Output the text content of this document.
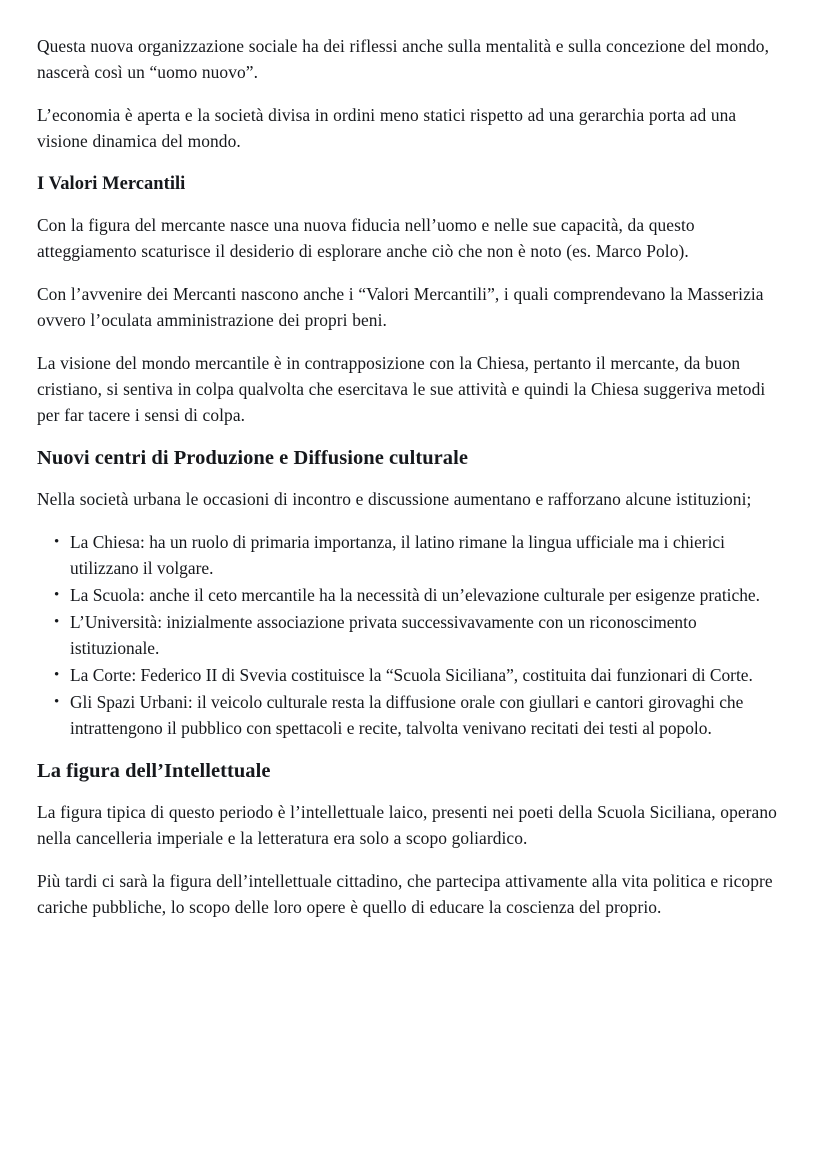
Questa nuova organizzazione sociale ha dei riflessi anche sulla mentalità e sulla concezione del mondo, nascerà così un “uomo nuovo”.

L’economia è aperta e la società divisa in ordini meno statici rispetto ad una gerarchia porta ad una visione dinamica del mondo.

I Valori Mercantili

Con la figura del mercante nasce una nuova fiducia nell’uomo e nelle sue capacità, da questo atteggiamento scaturisce il desiderio di esplorare anche ciò che non è noto (es. Marco Polo).

Con l’avvenire dei Mercanti nascono anche i “Valori Mercantili”, i quali comprendevano la Masserizia ovvero l’oculata amministrazione dei propri beni.

La visione del mondo mercantile è in contrapposizione con la Chiesa, pertanto il mercante, da buon cristiano, si sentiva in colpa qualvolta che esercitava le sue attività e quindi la Chiesa suggeriva metodi per far tacere i sensi di colpa.

Nuovi centri di Produzione e Diffusione culturale

Nella società urbana le occasioni di incontro e discussione aumentano e rafforzano alcune istituzioni;

• La Chiesa: ha un ruolo di primaria importanza, il latino rimane la lingua ufficiale ma i chierici utilizzano il volgare.
• La Scuola: anche il ceto mercantile ha la necessità di un’elevazione culturale per esigenze pratiche.
• L’Università: inizialmente associazione privata successivavamente con un riconoscimento istituzionale.
• La Corte: Federico II di Svevia costituisce la “Scuola Siciliana”, costituita dai funzionari di Corte.
• Gli Spazi Urbani: il veicolo culturale resta la diffusione orale con giullari e cantori girovaghi che intrattengono il pubblico con spettacoli e recite, talvolta venivano recitati dei testi al popolo.
La figura dell’Intellettuale

La figura tipica di questo periodo è l’intellettuale laico, presenti nei poeti della Scuola Siciliana, operano nella cancelleria imperiale e la letteratura era solo a scopo goliardico.

Più tardi ci sarà la figura dell’intellettuale cittadino, che partecipa attivamente alla vita politica e ricopre cariche pubbliche, lo scopo delle loro opere è quello di educare la coscienza del proprio.
